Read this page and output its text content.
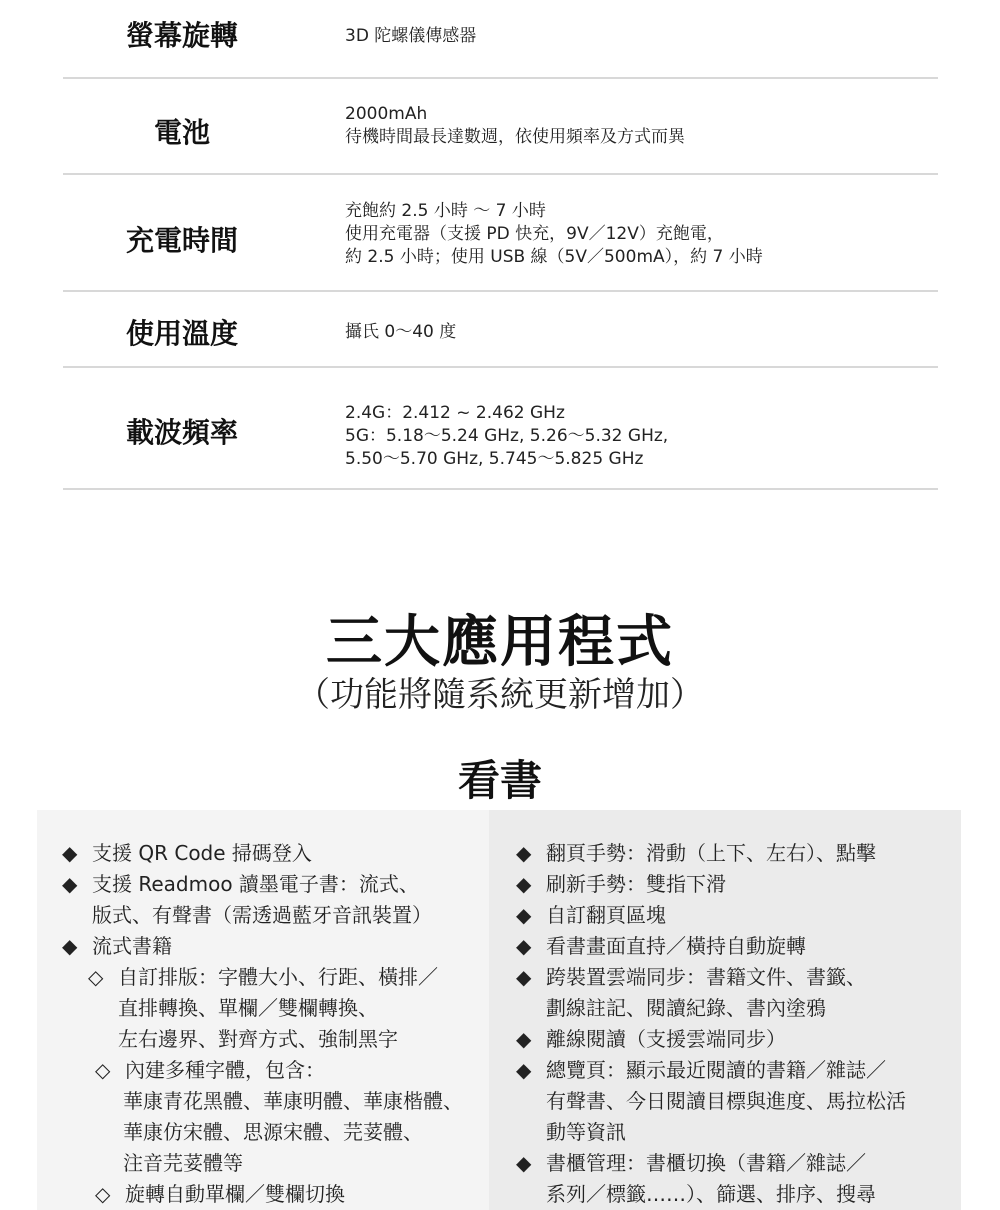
螢幕旋轉	3D 陀螺儀傳感器
電池
2000mAh
待機時間最長達數週，依使用頻率及方式而異
充電時間
充飽約 2.5 小時 ～ 7 小時
使用充電器（支援 PD 快充，9V／12V）充飽電，
約 2.5 小時；使用 USB 線（5V／500mA），約 7 小時
使用溫度	攝氏 0～40 度
載波頻率
2.4G：2.412 ~ 2.462 GHz
5G：5.18～5.24 GHz, 5.26～5.32 GHz,
5.50～5.70 GHz, 5.745～5.825 GHz
三大應用程式
（功能將隨系統更新增加）
看書
◆ 支援 QR Code 掃碼登入
◆ 支援 Readmoo 讀墨電子書：流式、
版式、有聲書（需透過藍牙音訊裝置）
◆ 流式書籍
◇ 自訂排版：字體大小、行距、橫排／
直排轉換、單欄／雙欄轉換、
左右邊界、對齊方式、強制黑字
◇ 內建多種字體，包含：
華康青花黑體、華康明體、華康楷體、
華康仿宋體、思源宋體、芫荽體、
注音芫荽體等
◇ 旋轉自動單欄／雙欄切換
◆ 翻頁手勢：滑動（上下、左右）、點擊
◆ 刷新手勢：雙指下滑
◆ 自訂翻頁區塊
◆ 看書畫面直持／橫持自動旋轉
◆ 跨裝置雲端同步：書籍文件、書籤、
劃線註記、閱讀紀錄、書內塗鴉
◆ 離線閱讀（支援雲端同步）
◆ 總覽頁：顯示最近閱讀的書籍／雜誌／
有聲書、今日閱讀目標與進度、馬拉松活
動等資訊
◆ 書櫃管理：書櫃切換（書籍／雜誌／
系列／標籤……）、篩選、排序、搜尋
